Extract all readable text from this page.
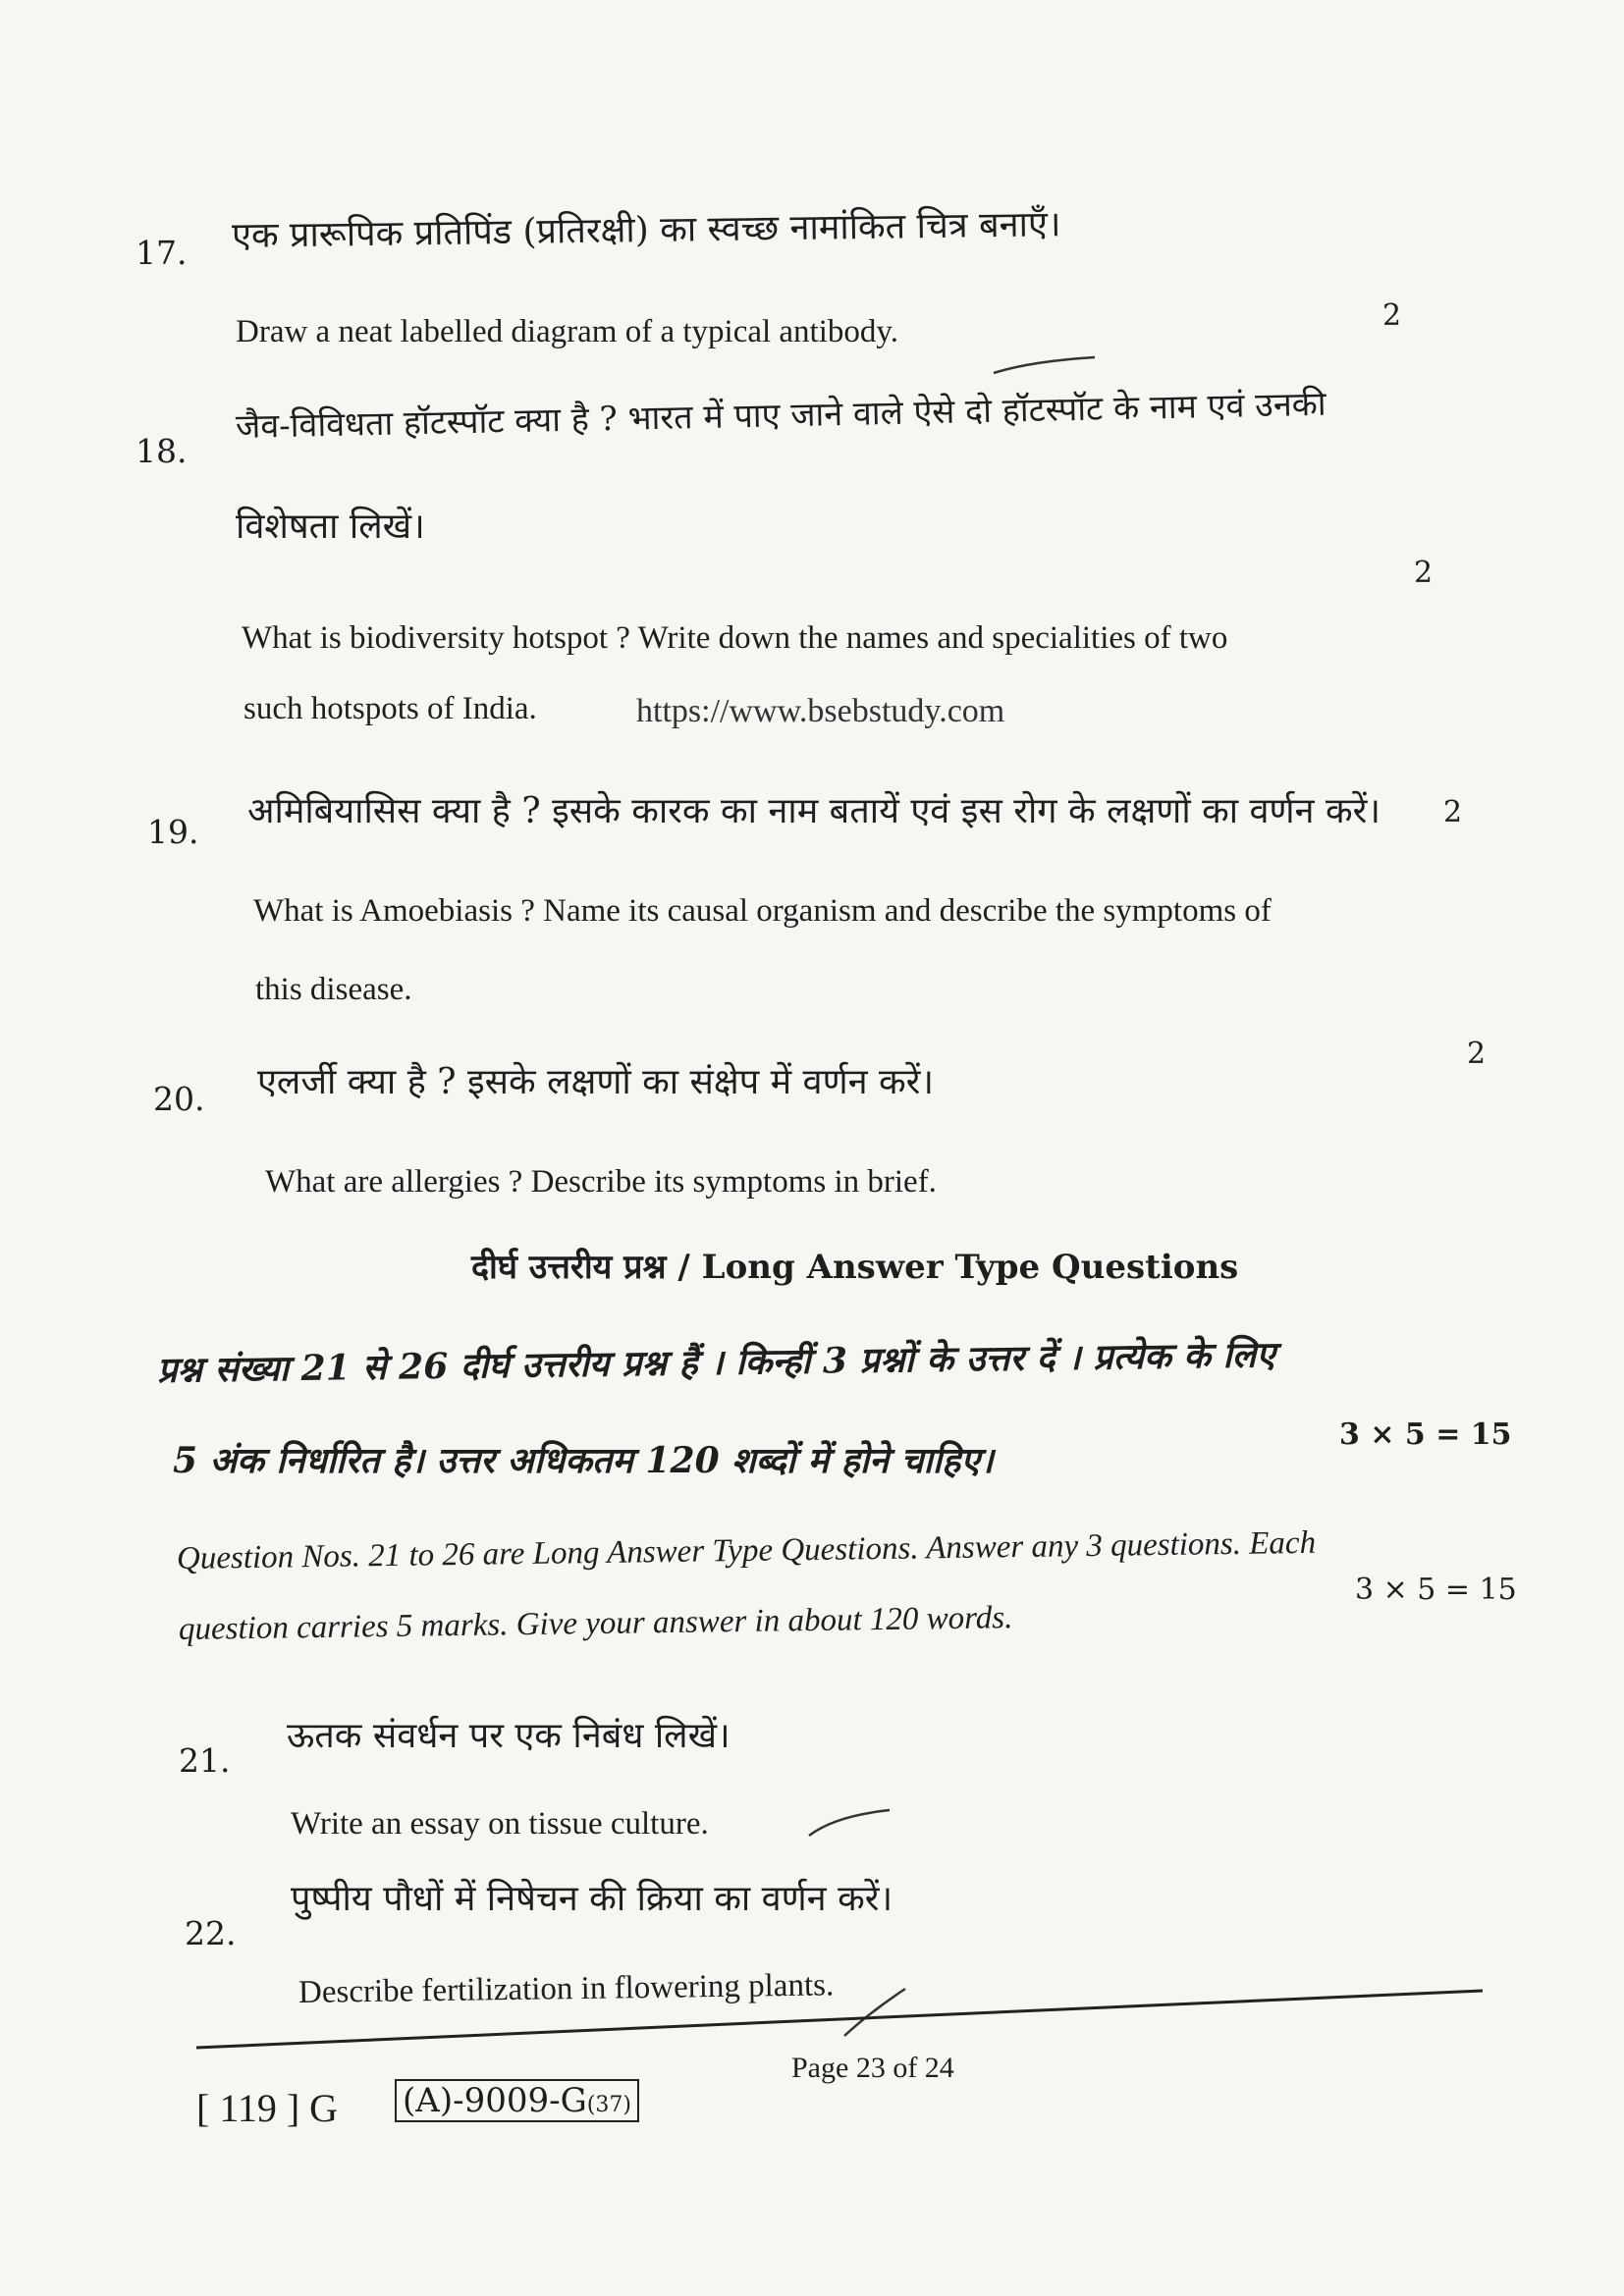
17. एक प्रारूपिक प्रतिपिंड (प्रतिरक्षी) का स्वच्छ नामांकित चित्र बनाएँ।
2
Draw a neat labelled diagram of a typical antibody.
18.
जैव-विविधता हॉटस्पॉट क्या है ? भारत में पाए जाने वाले ऐसे दो हॉटस्पॉट के नाम एवं उनकी
विशेषता लिखें।
2
What is biodiversity hotspot ? Write down the names and specialities of two
such hotspots of India.	https://www.bsebstudy.com
19.
अमिबियासिस क्या है ? इसके कारक का नाम बतायें एवं इस रोग के लक्षणों का वर्णन करें। 2
What is Amoebiasis ? Name its causal organism and describe the symptoms of
this disease.
2
20. एलर्जी क्या है ? इसके लक्षणों का संक्षेप में वर्णन करें।
What are allergies ? Describe its symptoms in brief.
दीर्घ उत्तरीय प्रश्न / Long Answer Type Questions
प्रश्न संख्या 21 से 26 दीर्घ उत्तरीय प्रश्न हैं । किन्हीं 3 प्रश्नों के उत्तर दें । प्रत्येक के लिए
5 अंक निर्धारित है। उत्तर अधिकतम 120 शब्दों में होने चाहिए।
3 × 5 = 15
Question Nos. 21 to 26 are Long Answer Type Questions. Answer any 3 questions. Each
3 × 5 = 15
question carries 5 marks. Give your answer in about 120 words.
21.
ऊतक संवर्धन पर एक निबंध लिखें।
Write an essay on tissue culture.
22.
पुष्पीय पौधों में निषेचन की क्रिया का वर्णन करें।
Describe fertilization in flowering plants.
[ 119 ] G (A)-9009-G(37)
Page 23 of 24
